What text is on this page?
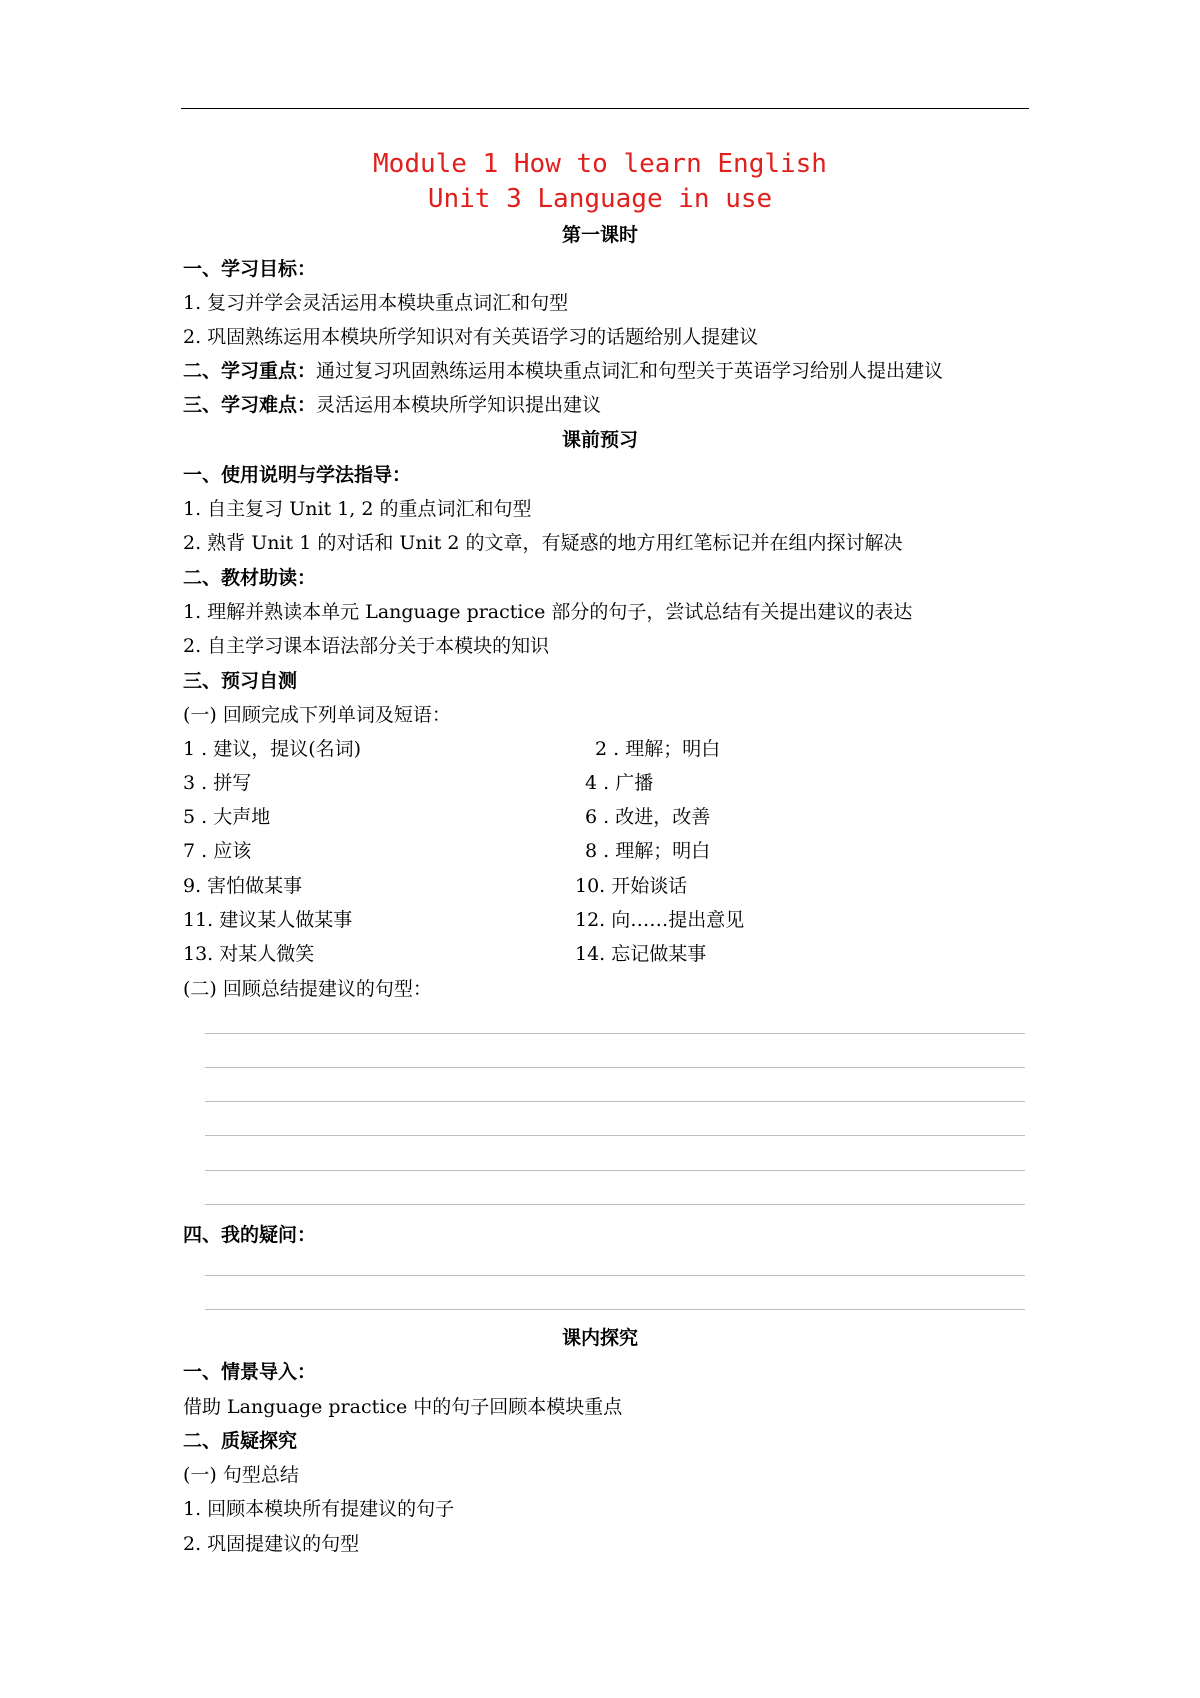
Module 1 How to learn English
Unit 3 Language in use
第一课时
一、学习目标：
1. 复习并学会灵活运用本模块重点词汇和句型
2. 巩固熟练运用本模块所学知识对有关英语学习的话题给别人提建议
二、学习重点：通过复习巩固熟练运用本模块重点词汇和句型关于英语学习给别人提出建议
三、学习难点：灵活运用本模块所学知识提出建议
课前预习
一、使用说明与学法指导：
1. 自主复习 Unit 1, 2 的重点词汇和句型
2. 熟背 Unit 1 的对话和 Unit 2 的文章，有疑惑的地方用红笔标记并在组内探讨解决
二、教材助读：
1. 理解并熟读本单元 Language practice 部分的句子，尝试总结有关提出建议的表达
2. 自主学习课本语法部分关于本模块的知识
三、预习自测
(一) 回顾完成下列单词及短语：
1 . 建议，提议(名词)	2 . 理解；明白
3 . 拼写	4 . 广播
5 . 大声地	6 . 改进，改善
7 . 应该	8 . 理解；明白
9. 害怕做某事	10. 开始谈话
11. 建议某人做某事	12. 向……提出意见
13. 对某人微笑	14. 忘记做某事
(二) 回顾总结提建议的句型：
四、我的疑问：
课内探究
一、情景导入：
借助 Language practice 中的句子回顾本模块重点
二、质疑探究
(一) 句型总结
1. 回顾本模块所有提建议的句子
2. 巩固提建议的句型
